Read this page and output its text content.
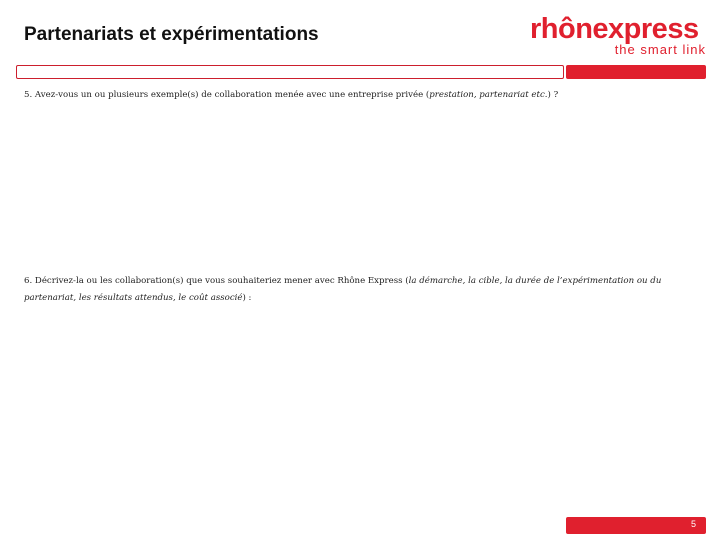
Partenariats et expérimentations	rhônexpress
the smart link
5. Avez-vous un ou plusieurs exemple(s) de collaboration menée avec une entreprise privée (prestation, partenariat etc.) ?
6. Décrivez-la ou les collaboration(s) que vous souhaiteriez mener avec Rhône Express (la démarche, la cible, la durée de l’expérimentation ou du partenariat, les résultats attendus, le coût associé) :
5
